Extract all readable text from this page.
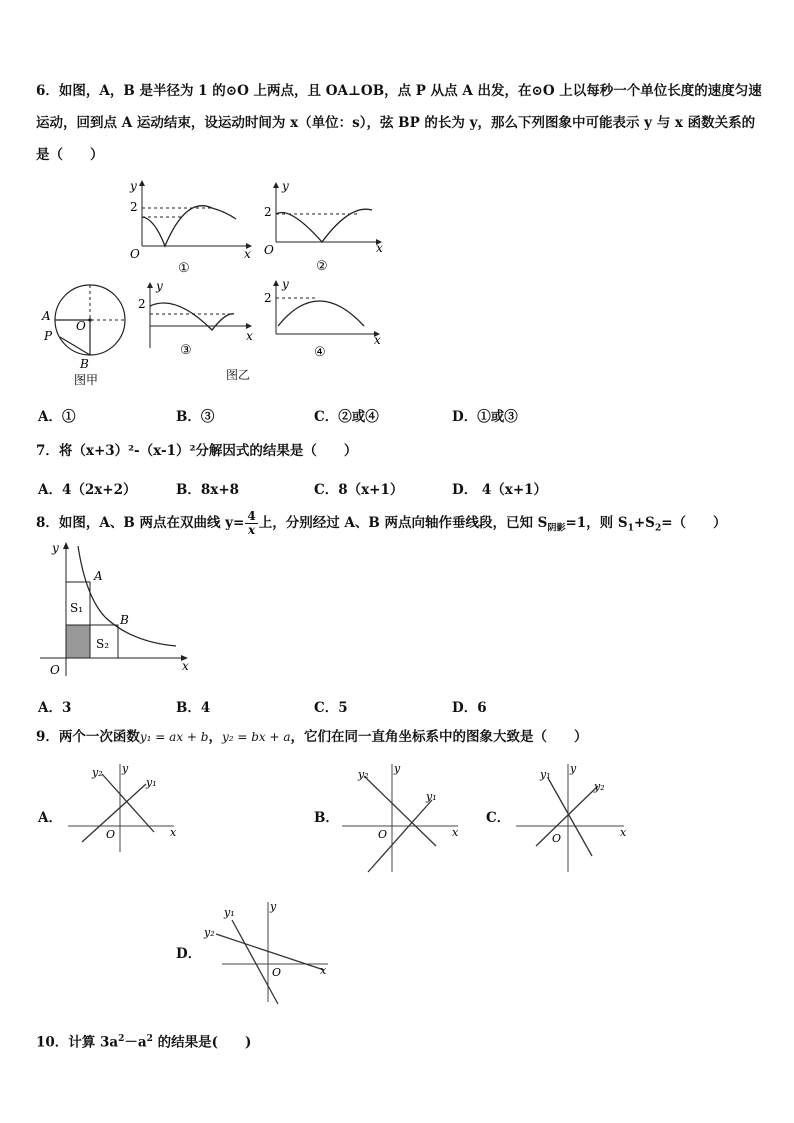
6．如图，A，B 是半径为 1 的⊙O 上两点，且 OA⊥OB，点 P 从点 A 出发，在⊙O 上以每秒一个单位长度的速度匀速
运动，回到点 A 运动结束，设运动时间为 x（单位：s），弦 BP 的长为 y，那么下列图象中可能表示 y 与 x 函数关系的
是（　　）
y
2
O	x
①
y
2
O	x
②
A
P
O
B
图甲
y
2
x
③
图乙
y
2
x
④
A．①	B．③	C．②或④	D．①或③
7．将（x+3）²-（x-1）²分解因式的结果是（　　）
A．4（2x+2）	B．8x+8	C．8（x+1）	D． 4（x+1）
8．如图，A、B 两点在双曲线 $y= \frac{4}{x}$ 上，分别经过 A、B 两点向轴作垂线段，已知 $S_{阴影}=1$，则 $S_1+S_2=$（　　）
y
A
B
S₁
S₂
O	x
A．3	B．4	C．5	D．6
9．两个一次函数y₁ = ax + b，y₂ = bx + a，它们在同一直角坐标系中的图象大致是（　　）
A．
y₂ y
y₁
O	x
B．
y₂ y
y₁
O	x
C．
y₁ y
y₂
O	x
D．
y₁
y₂
y
O	x
10．计算 $3a^2-a^2$ 的结果是(　　)
